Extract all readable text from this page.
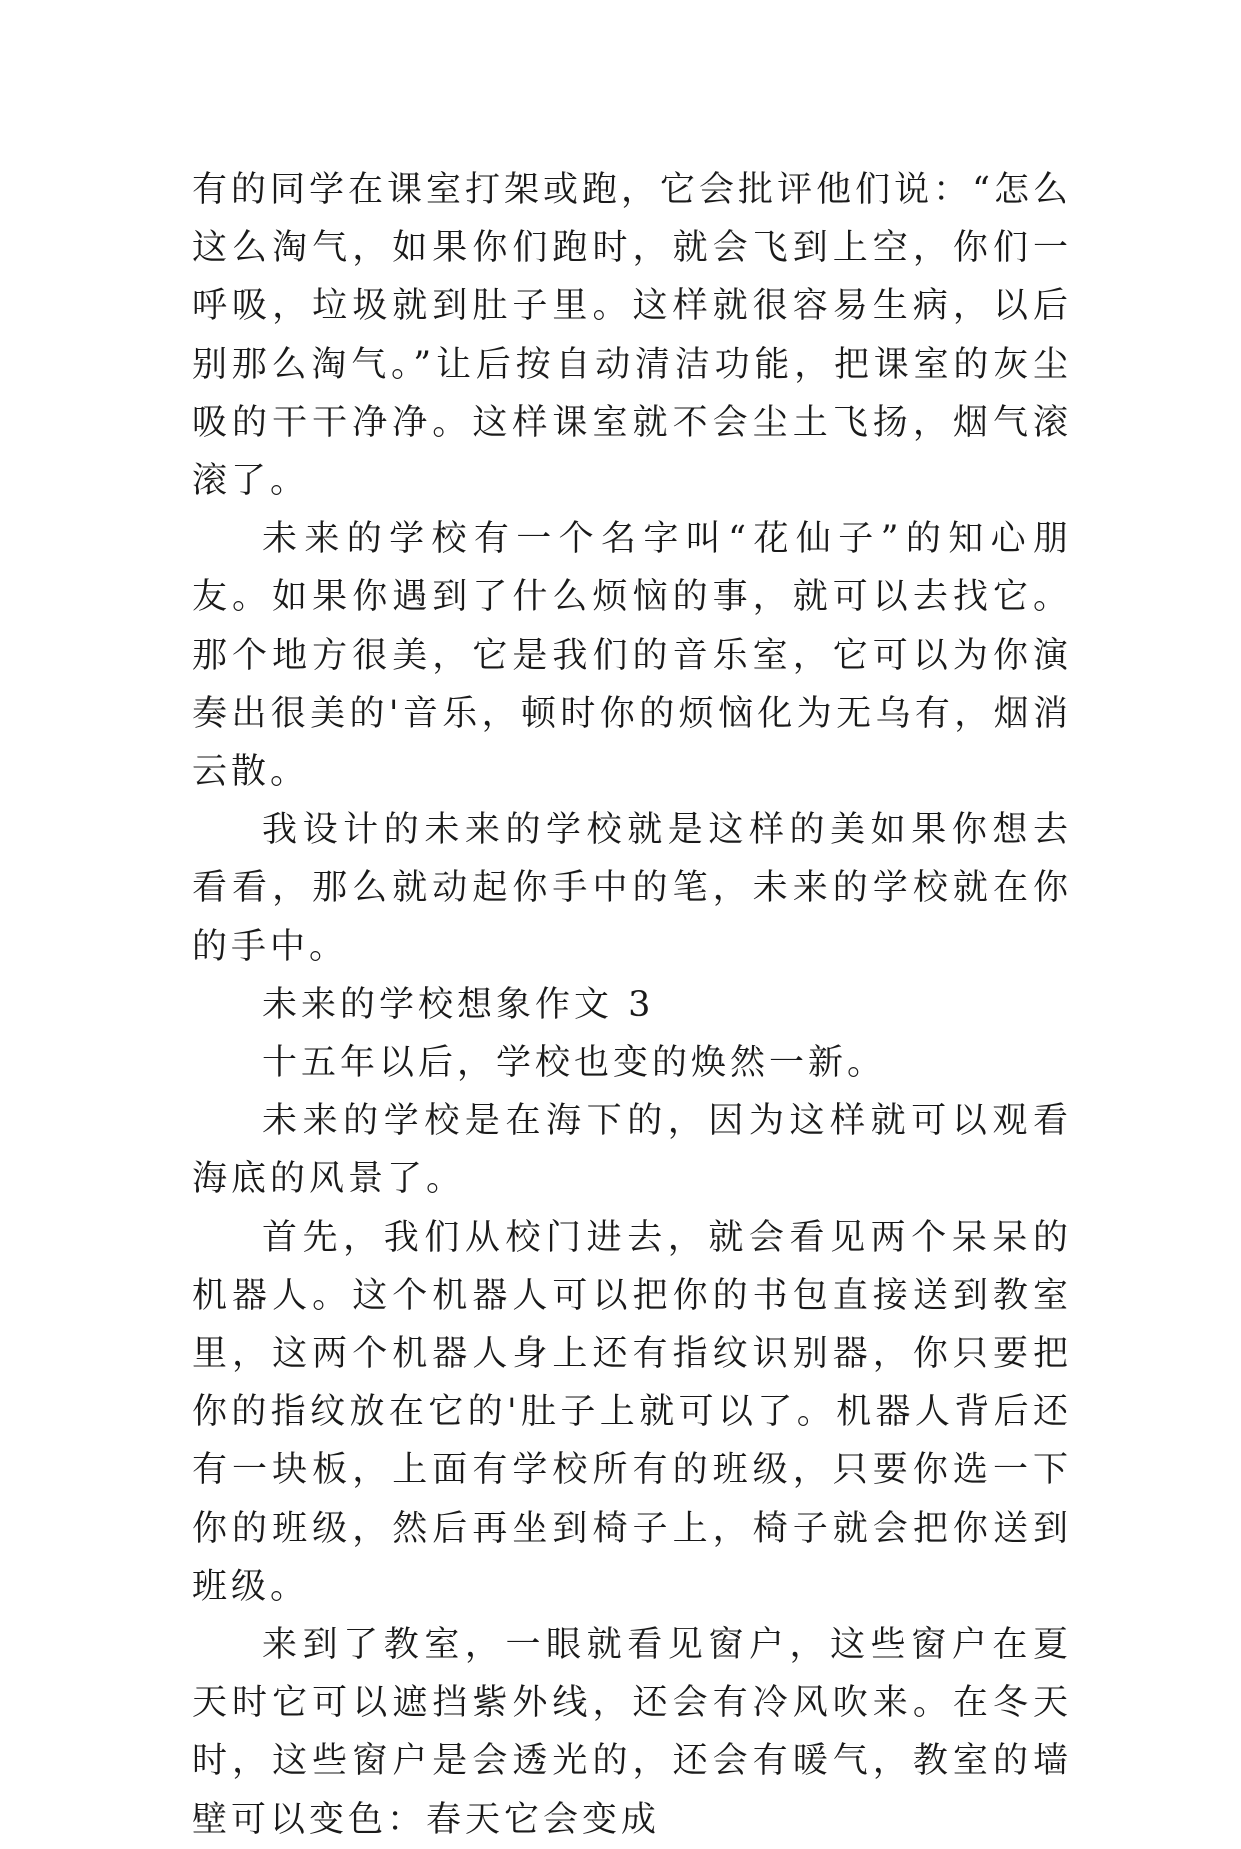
有的同学在课室打架或跑，它会批评他们说：“怎么这么淘气，如果你们跑时，就会飞到上空，你们一呼吸，垃圾就到肚子里。这样就很容易生病，以后别那么淘气。”让后按自动清洁功能，把课室的灰尘吸的干干净净。这样课室就不会尘土飞扬，烟气滚滚了。

未来的学校有一个名字叫“花仙子”的知心朋友。如果你遇到了什么烦恼的事，就可以去找它。那个地方很美，它是我们的音乐室，它可以为你演奏出很美的'音乐，顿时你的烦恼化为无乌有，烟消云散。

我设计的未来的学校就是这样的美如果你想去看看，那么就动起你手中的笔，未来的学校就在你的手中。

未来的学校想象作文 3

十五年以后，学校也变的焕然一新。

未来的学校是在海下的，因为这样就可以观看海底的风景了。

首先，我们从校门进去，就会看见两个呆呆的机器人。这个机器人可以把你的书包直接送到教室里，这两个机器人身上还有指纹识别器，你只要把你的指纹放在它的'肚子上就可以了。机器人背后还有一块板，上面有学校所有的班级，只要你选一下你的班级，然后再坐到椅子上，椅子就会把你送到班级。

来到了教室，一眼就看见窗户，这些窗户在夏天时它可以遮挡紫外线，还会有冷风吹来。在冬天时，这些窗户是会透光的，还会有暖气，教室的墙壁可以变色：春天它会变成
